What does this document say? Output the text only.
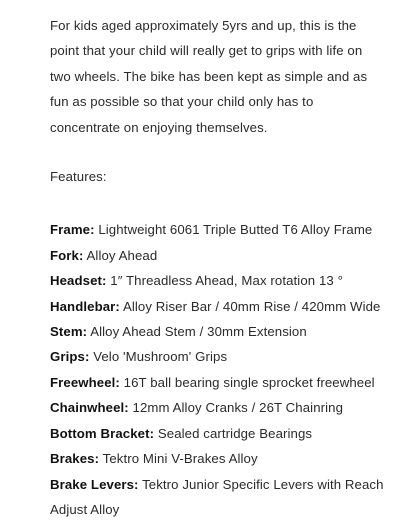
For kids aged approximately 5yrs and up, this is the point that your child will really get to grips with life on two wheels. The bike has been kept as simple and as fun as possible so that your child only has to concentrate on enjoying themselves.

Features:

Frame: Lightweight 6061 Triple Butted T6 Alloy Frame
Fork: Alloy Ahead
Headset: 1″ Threadless Ahead, Max rotation 13 °
Handlebar: Alloy Riser Bar / 40mm Rise / 420mm Wide
Stem: Alloy Ahead Stem / 30mm Extension
Grips: Velo 'Mushroom' Grips
Freewheel: 16T ball bearing single sprocket freewheel
Chainwheel: 12mm Alloy Cranks / 26T Chainring
Bottom Bracket: Sealed cartridge Bearings
Brakes: Tektro Mini V-Brakes Alloy
Brake Levers: Tektro Junior Specific Levers with Reach Adjust Alloy
